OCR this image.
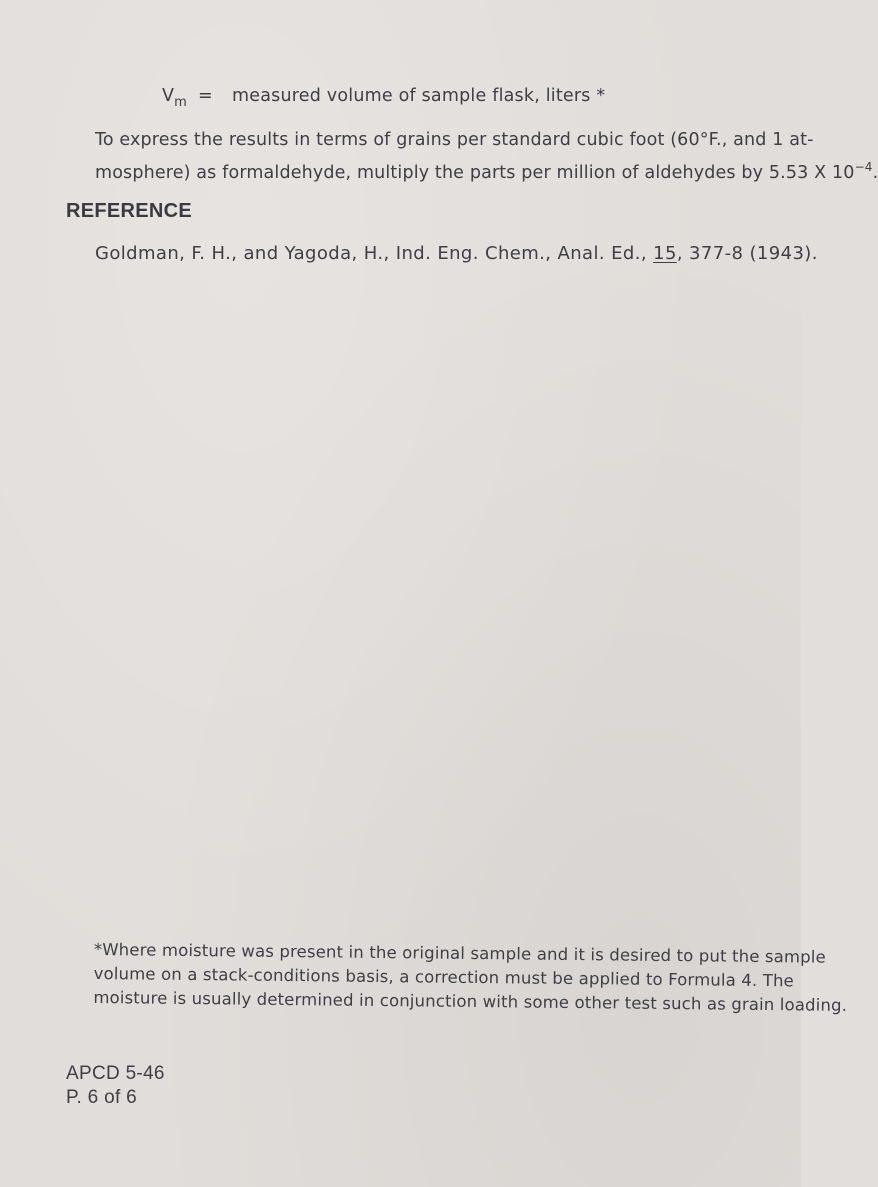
$V_m$ = measured volume of sample flask, liters *

To express the results in terms of grains per standard cubic foot (60°F., and 1 at-

mosphere) as formaldehyde, multiply the parts per million of aldehydes by 5.53 X $10^{-4}$.

REFERENCE
Goldman, F. H., and Yagoda, H., Ind. Eng. Chem., Anal. Ed., 15, 377-8 (1943).

*Where moisture was present in the original sample and it is desired to put the sample

volume on a stack-conditions basis, a correction must be applied to Formula 4. The

moisture is usually determined in conjunction with some other test such as grain loading.

APCD 5-46
P. 6 of 6
